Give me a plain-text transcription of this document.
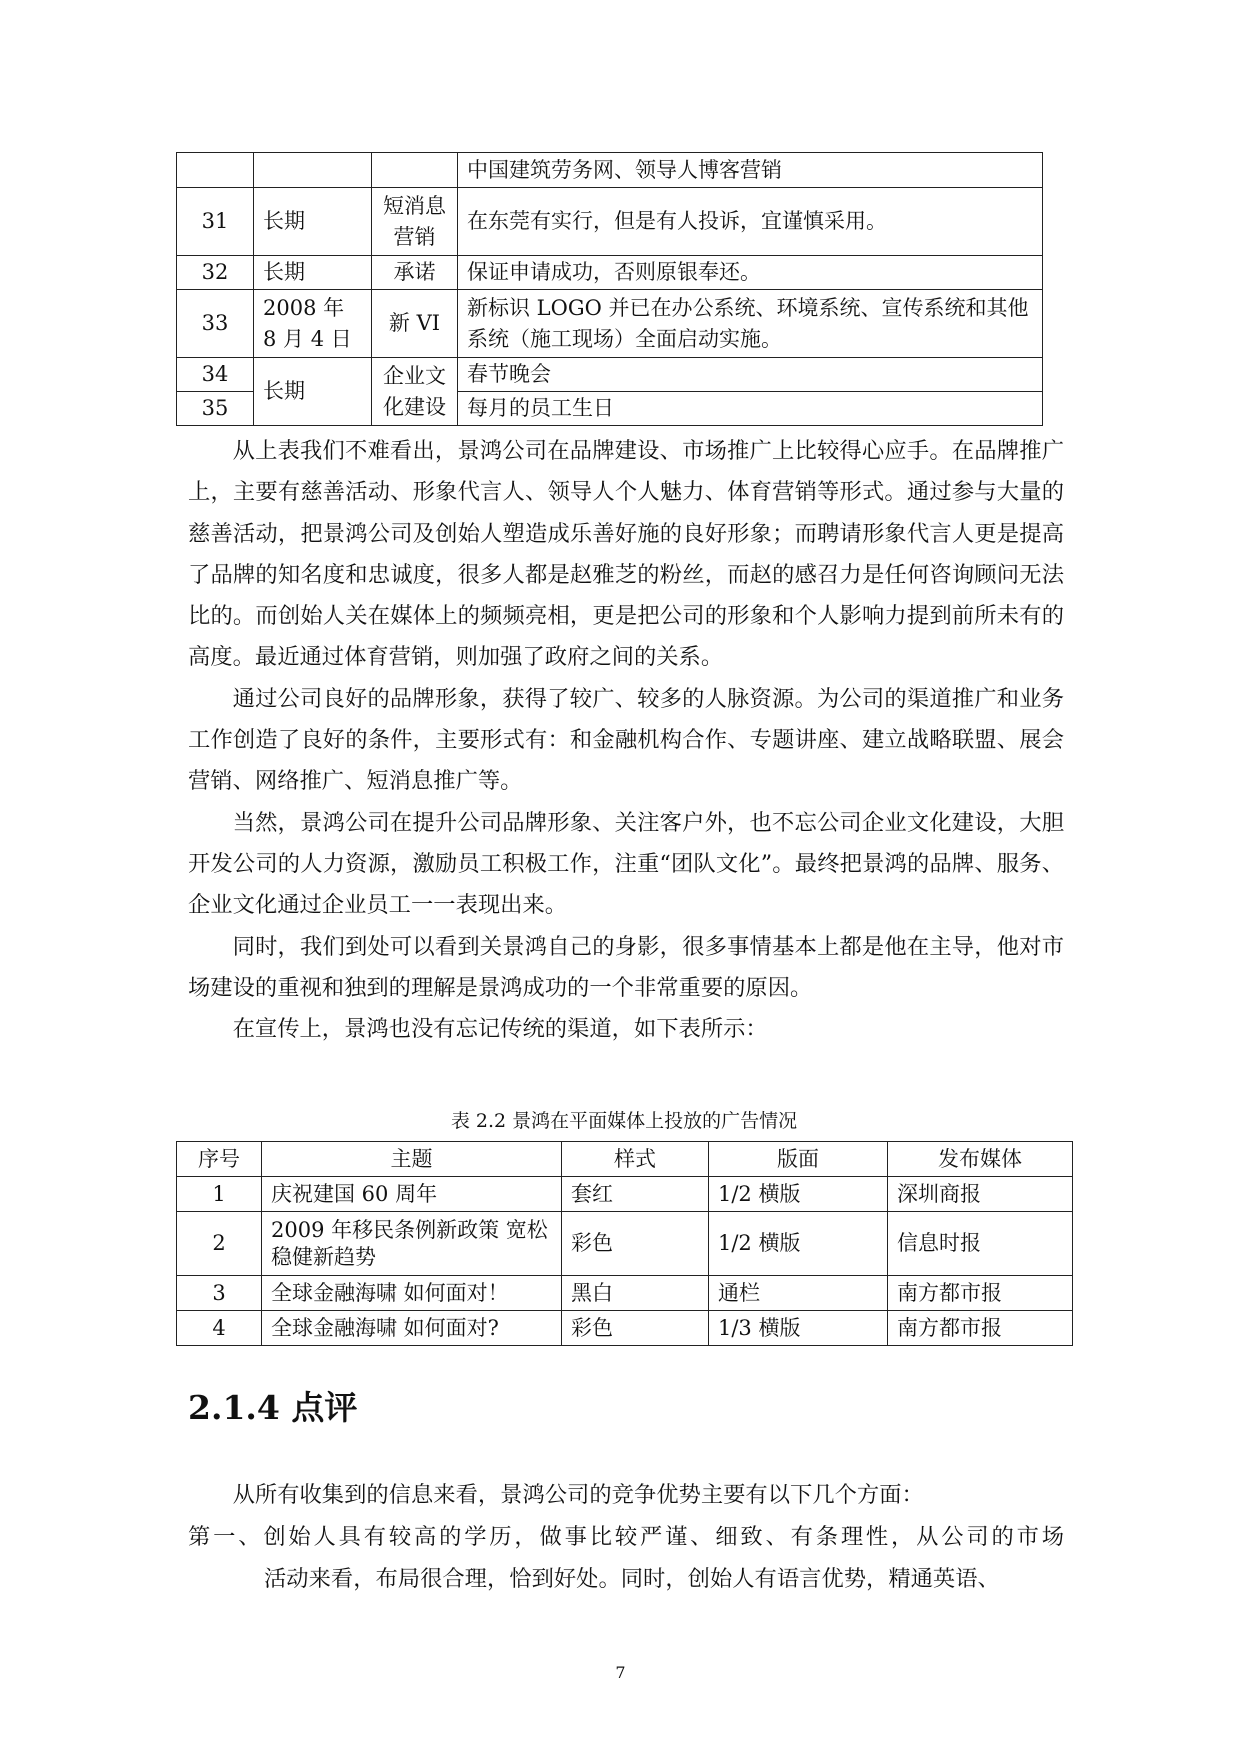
			中国建筑劳务网、领导人博客营销
31	长期	短消息营销	在东莞有实行，但是有人投诉，宜谨慎采用。
32	长期	承诺	保证申请成功，否则原银奉还。
33	2008 年 8 月 4 日	新 VI	新标识 LOGO 并已在办公系统、环境系统、宣传系统和其他系统（施工现场）全面启动实施。
34	长期	企业文化建设	春节晚会
35			每月的员工生日

从上表我们不难看出，景鸿公司在品牌建设、市场推广上比较得心应手。在品牌推广上，主要有慈善活动、形象代言人、领导人个人魅力、体育营销等形式。通过参与大量的慈善活动，把景鸿公司及创始人塑造成乐善好施的良好形象；而聘请形象代言人更是提高了品牌的知名度和忠诚度，很多人都是赵雅芝的粉丝，而赵的感召力是任何咨询顾问无法比的。而创始人关在媒体上的频频亮相，更是把公司的形象和个人影响力提到前所未有的高度。最近通过体育营销，则加强了政府之间的关系。

通过公司良好的品牌形象，获得了较广、较多的人脉资源。为公司的渠道推广和业务工作创造了良好的条件，主要形式有：和金融机构合作、专题讲座、建立战略联盟、展会营销、网络推广、短消息推广等。

当然，景鸿公司在提升公司品牌形象、关注客户外，也不忘公司企业文化建设，大胆开发公司的人力资源，激励员工积极工作，注重“团队文化”。最终把景鸿的品牌、服务、企业文化通过企业员工一一表现出来。

同时，我们到处可以看到关景鸿自己的身影，很多事情基本上都是他在主导，他对市场建设的重视和独到的理解是景鸿成功的一个非常重要的原因。

在宣传上，景鸿也没有忘记传统的渠道，如下表所示：

表 2.2 景鸿在平面媒体上投放的广告情况
序号	主题	样式	版面	发布媒体
1	庆祝建国 60 周年	套红	1/2 横版	深圳商报
2	2009 年移民条例新政策 宽松稳健新趋势	彩色	1/2 横版	信息时报
3	全球金融海啸 如何面对！	黑白	通栏	南方都市报
4	全球金融海啸 如何面对?	彩色	1/3 横版	南方都市报
2.1.4 点评

从所有收集到的信息来看，景鸿公司的竞争优势主要有以下几个方面：

第一、创始人具有较高的学历，做事比较严谨、细致、有条理性，从公司的市场
活动来看，布局很合理，恰到好处。同时，创始人有语言优势，精通英语、
7
